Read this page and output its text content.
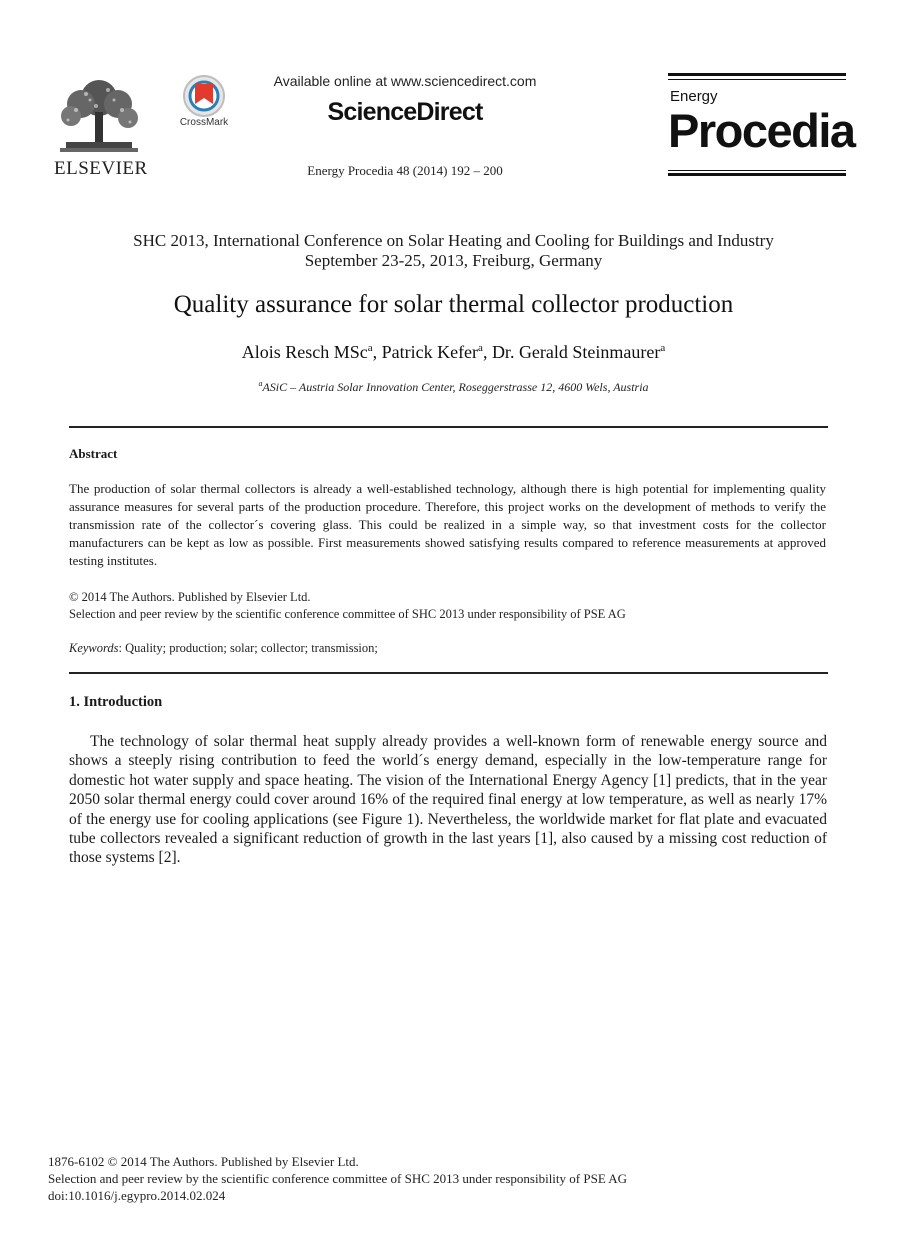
ELSEVIER
CrossMark
Available online at www.sciencedirect.com
ScienceDirect
Energy Procedia 48 (2014) 192 – 200
Energy
Procedia
SHC 2013, International Conference on Solar Heating and Cooling for Buildings and Industry
September 23-25, 2013, Freiburg, Germany
Quality assurance for solar thermal collector production
Alois Resch MSc$^a$, Patrick Kefer$^a$, Dr. Gerald Steinmaurer$^a$
$^a$ASiC – Austria Solar Innovation Center, Roseggerstrasse 12, 4600 Wels, Austria
Abstract
The production of solar thermal collectors is already a well-established technology, although there is high potential for implementing quality assurance measures for several parts of the production procedure. Therefore, this project works on the development of methods to verify the transmission rate of the collector´s covering glass. This could be realized in a simple way, so that investment costs for the collector manufacturers can be kept as low as possible. First measurements showed satisfying results compared to reference measurements at approved testing institutes.
© 2014 The Authors. Published by Elsevier Ltd.
Selection and peer review by the scientific conference committee of SHC 2013 under responsibility of PSE AG
Keywords: Quality; production; solar; collector; transmission;
1. Introduction
The technology of solar thermal heat supply already provides a well-known form of renewable energy source and shows a steeply rising contribution to feed the world´s energy demand, especially in the low-temperature range for domestic hot water supply and space heating. The vision of the International Energy Agency [1] predicts, that in the year 2050 solar thermal energy could cover around 16% of the required final energy at low temperature, as well as nearly 17% of the energy use for cooling applications (see Figure 1). Nevertheless, the worldwide market for flat plate and evacuated tube collectors revealed a significant reduction of growth in the last years [1], also caused by a missing cost reduction of those systems [2].
1876-6102 © 2014 The Authors. Published by Elsevier Ltd.
Selection and peer review by the scientific conference committee of SHC 2013 under responsibility of PSE AG
doi:10.1016/j.egypro.2014.02.024
